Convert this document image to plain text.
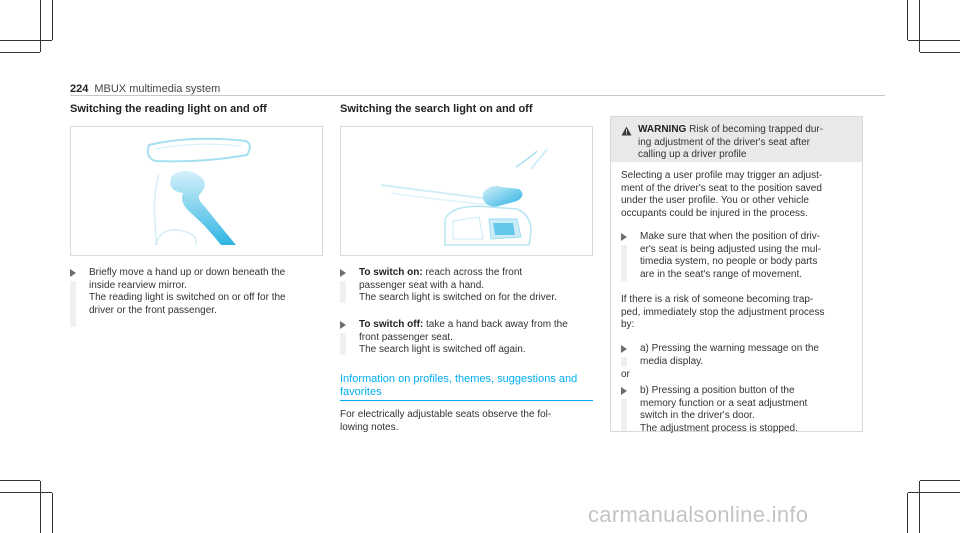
224 MBUX multimedia system
Switching the reading light on and off
Briefly move a hand up or down beneath the
inside rearview mirror.
The reading light is switched on or off for the
driver or the front passenger.
Switching the search light on and off
To switch on: reach across the front
passenger seat with a hand.
The search light is switched on for the driver.
To switch off: take a hand back away from the
front passenger seat.
The search light is switched off again.
Information on profiles, themes, suggestions and
favorites
For electrically adjustable seats observe the fol-
lowing notes.
WARNING Risk of becoming trapped dur-
ing adjustment of the driver's seat after
calling up a driver profile
Selecting a user profile may trigger an adjust-
ment of the driver's seat to the position saved
under the user profile. You or other vehicle
occupants could be injured in the process.
Make sure that when the position of driv-
er's seat is being adjusted using the mul-
timedia system, no people or body parts
are in the seat's range of movement.
If there is a risk of someone becoming trap-
ped, immediately stop the adjustment process
by:
a) Pressing the warning message on the
media display.
or
b) Pressing a position button of the
memory function or a seat adjustment
switch in the driver's door.
The adjustment process is stopped.
carmanualsonline.info
